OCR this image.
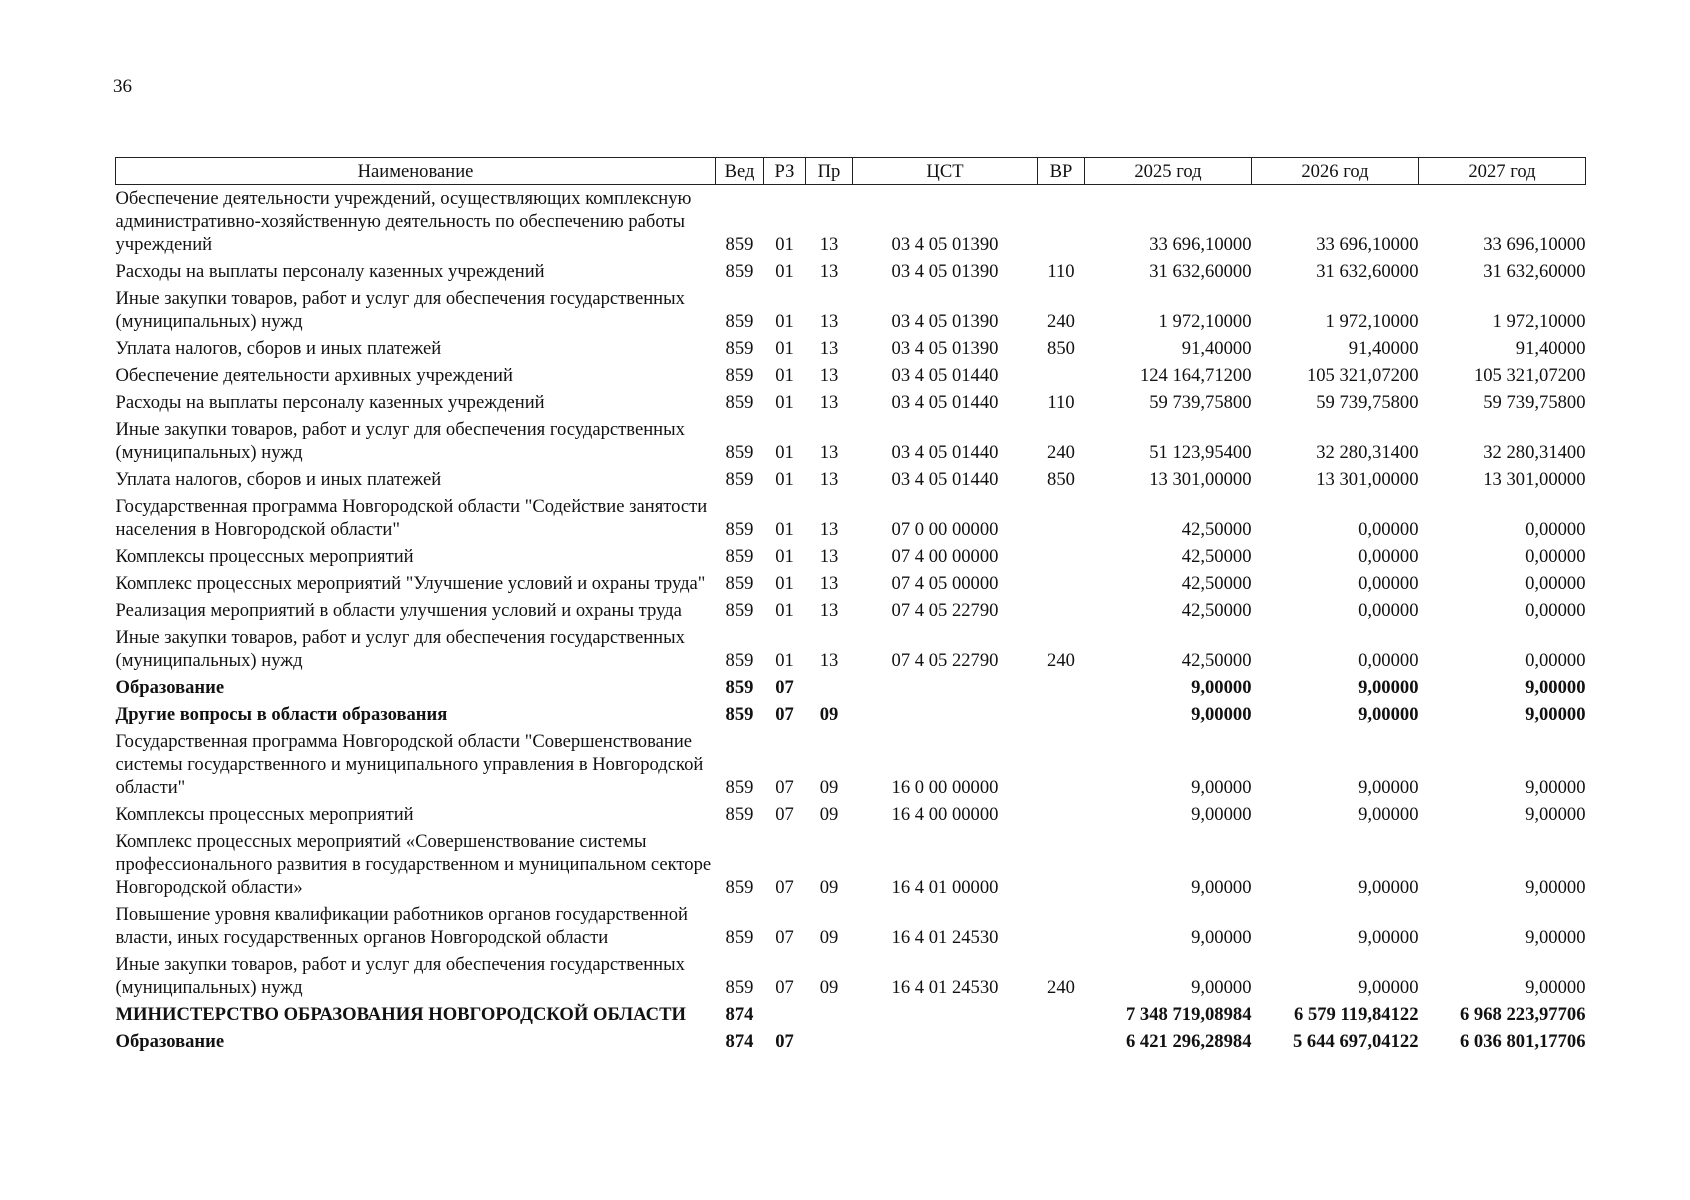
36
Наименование	Вед	РЗ	Пр	ЦСТ	ВР	2025 год	2026 год	2027 год
Обеспечение деятельности учреждений, осуществляющих комплексную административно-хозяйственную деятельность по обеспечению работы учреждений	859	01	13	03 4 05 01390		33 696,10000	33 696,10000	33 696,10000
Расходы на выплаты персоналу казенных учреждений	859	01	13	03 4 05 01390	110	31 632,60000	31 632,60000	31 632,60000
Иные закупки товаров, работ и услуг для обеспечения государственных (муниципальных) нужд	859	01	13	03 4 05 01390	240	1 972,10000	1 972,10000	1 972,10000
Уплата налогов, сборов и иных платежей	859	01	13	03 4 05 01390	850	91,40000	91,40000	91,40000
Обеспечение деятельности архивных учреждений	859	01	13	03 4 05 01440		124 164,71200	105 321,07200	105 321,07200
Расходы на выплаты персоналу казенных учреждений	859	01	13	03 4 05 01440	110	59 739,75800	59 739,75800	59 739,75800
Иные закупки товаров, работ и услуг для обеспечения государственных (муниципальных) нужд	859	01	13	03 4 05 01440	240	51 123,95400	32 280,31400	32 280,31400
Уплата налогов, сборов и иных платежей	859	01	13	03 4 05 01440	850	13 301,00000	13 301,00000	13 301,00000
Государственная программа Новгородской области "Содействие занятости населения в Новгородской области"	859	01	13	07 0 00 00000		42,50000	0,00000	0,00000
Комплексы процессных мероприятий	859	01	13	07 4 00 00000		42,50000	0,00000	0,00000
Комплекс процессных мероприятий "Улучшение условий и охраны труда"	859	01	13	07 4 05 00000		42,50000	0,00000	0,00000
Реализация мероприятий в области улучшения условий и охраны труда	859	01	13	07 4 05 22790		42,50000	0,00000	0,00000
Иные закупки товаров, работ и услуг для обеспечения государственных (муниципальных) нужд	859	01	13	07 4 05 22790	240	42,50000	0,00000	0,00000
Образование	859	07				9,00000	9,00000	9,00000
Другие вопросы в области образования	859	07	09			9,00000	9,00000	9,00000
Государственная программа Новгородской области "Совершенствование системы государственного и муниципального управления в Новгородской области"	859	07	09	16 0 00 00000		9,00000	9,00000	9,00000
Комплексы процессных мероприятий	859	07	09	16 4 00 00000		9,00000	9,00000	9,00000
Комплекс процессных мероприятий «Совершенствование системы профессионального развития в государственном и муниципальном секторе Новгородской области»	859	07	09	16 4 01 00000		9,00000	9,00000	9,00000
Повышение уровня квалификации работников органов государственной власти, иных государственных органов Новгородской области	859	07	09	16 4 01 24530		9,00000	9,00000	9,00000
Иные закупки товаров, работ и услуг для обеспечения государственных (муниципальных) нужд	859	07	09	16 4 01 24530	240	9,00000	9,00000	9,00000
МИНИСТЕРСТВО ОБРАЗОВАНИЯ НОВГОРОДСКОЙ ОБЛАСТИ	874					7 348 719,08984	6 579 119,84122	6 968 223,97706
Образование	874	07				6 421 296,28984	5 644 697,04122	6 036 801,17706
